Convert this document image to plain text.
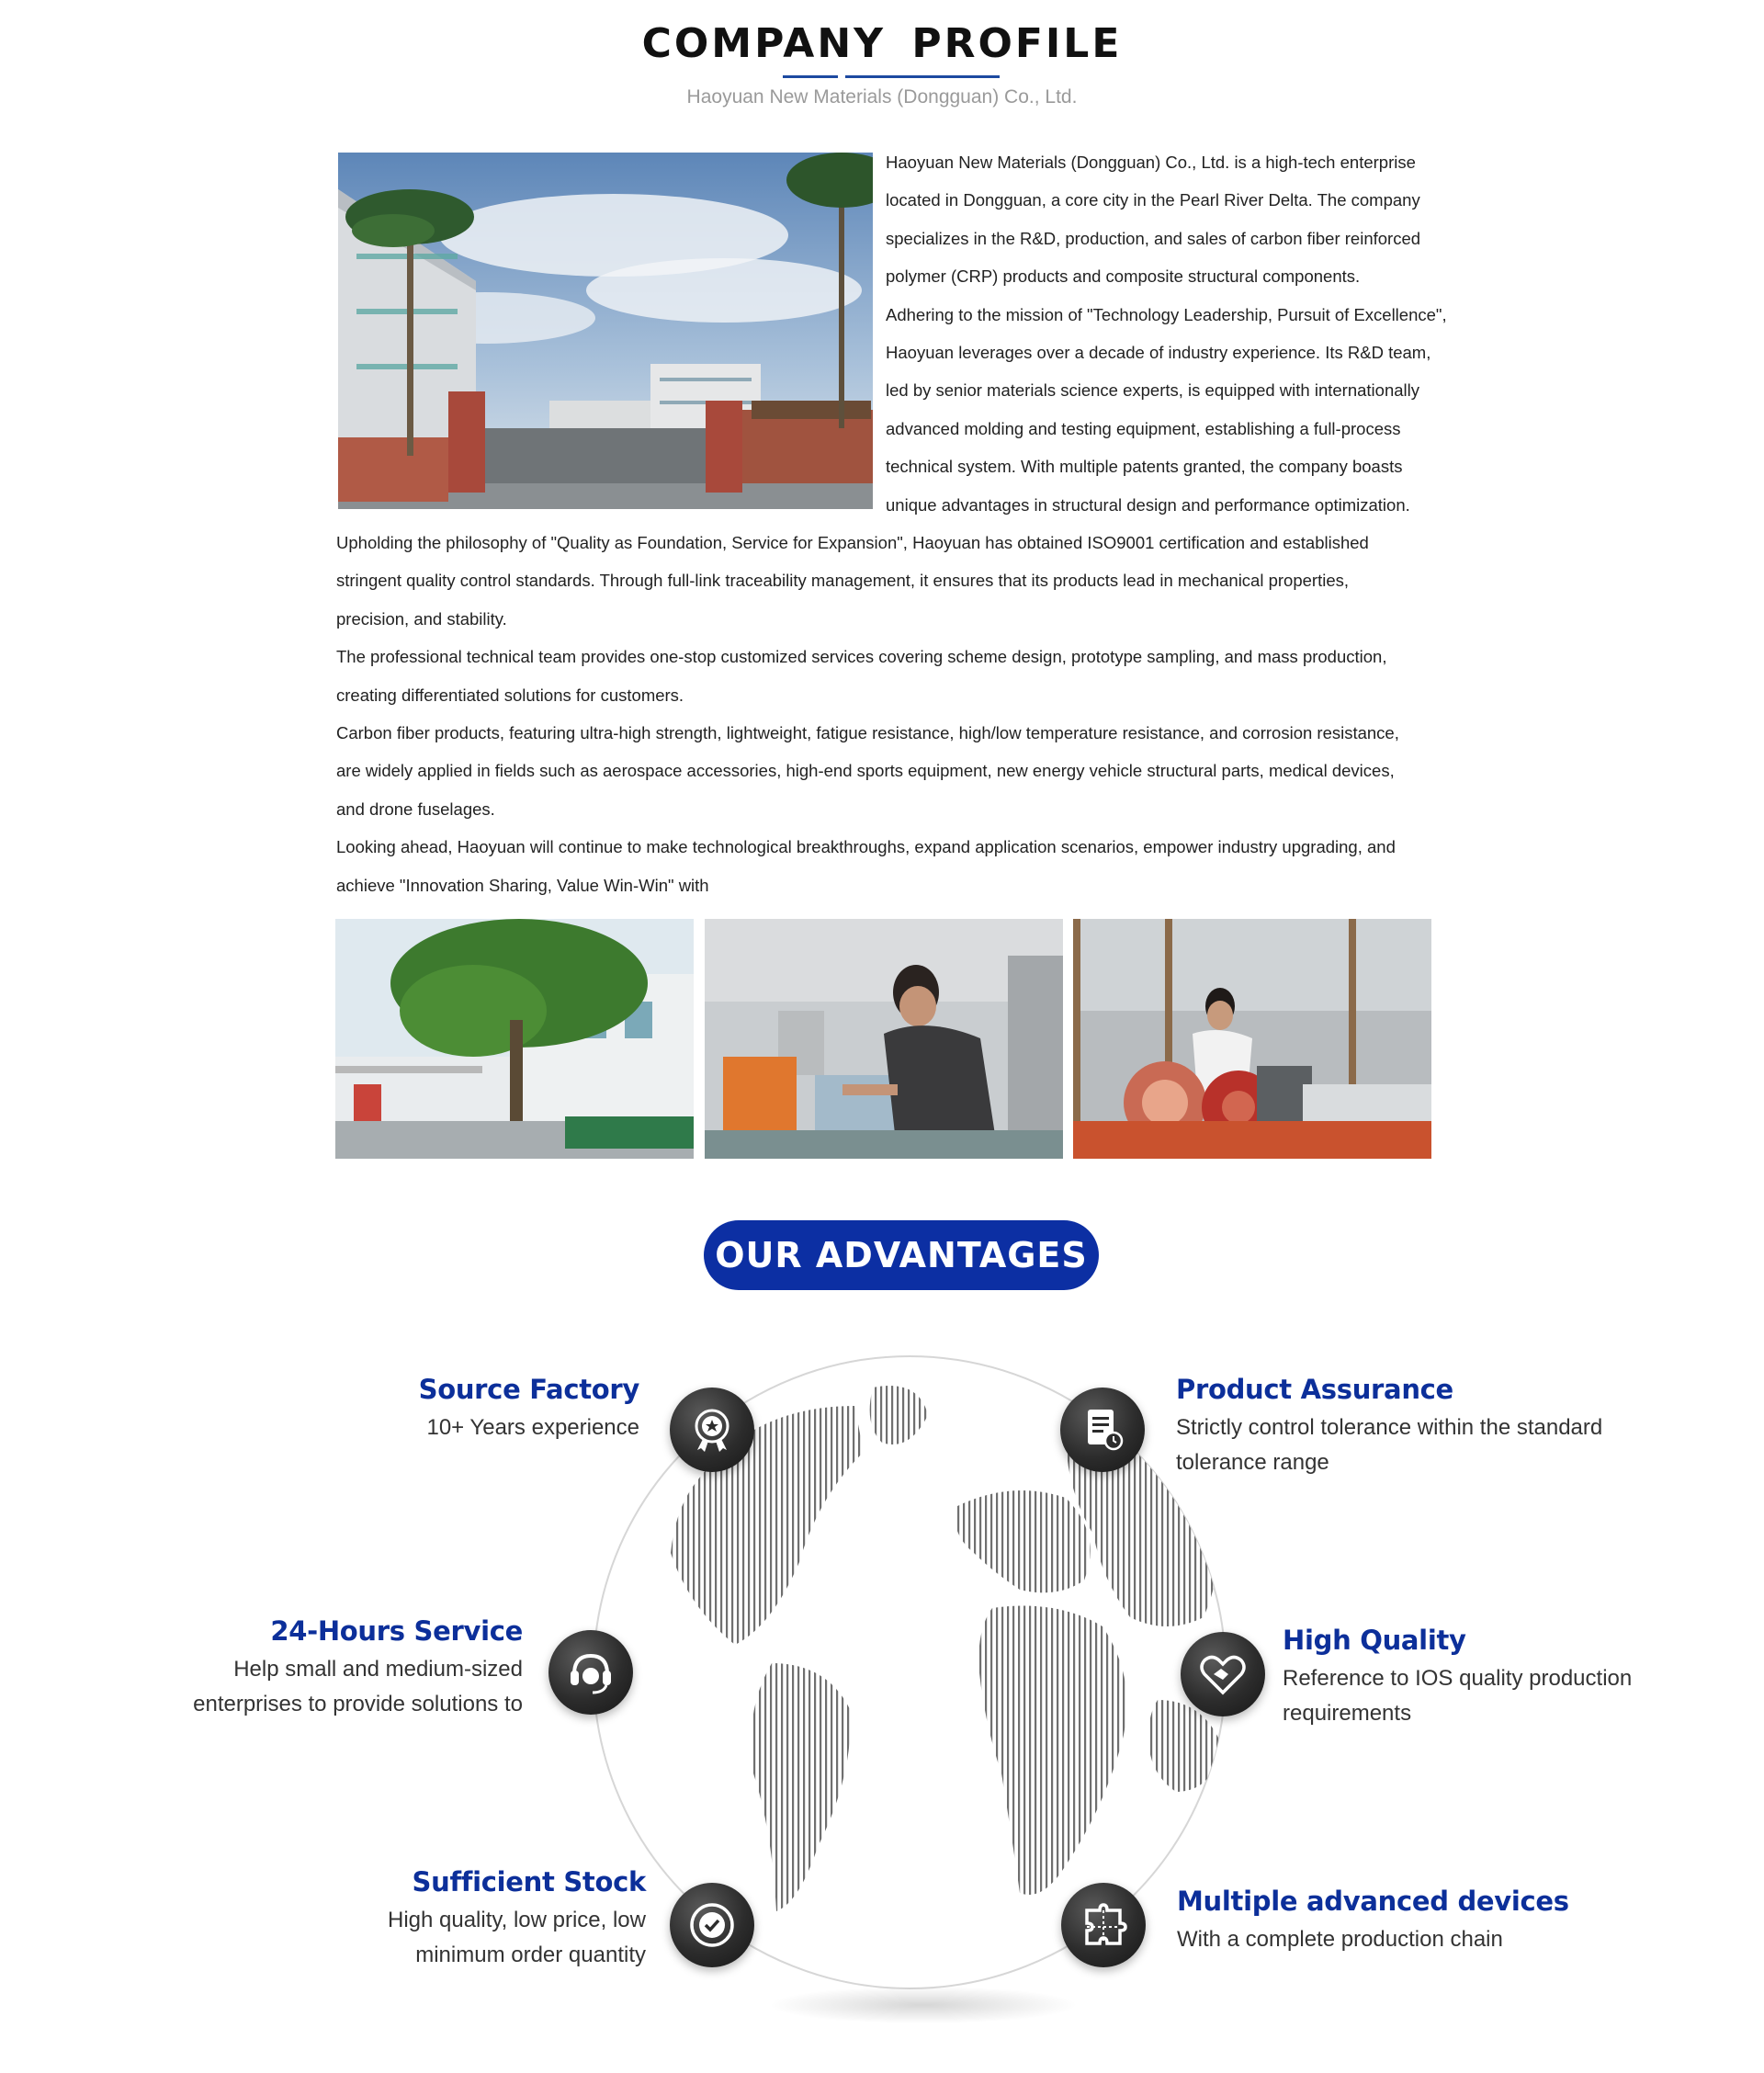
COMPANY PROFILE
Haoyuan New Materials (Dongguan) Co., Ltd.
Haoyuan New Materials (Dongguan) Co., Ltd. is a high-tech enterprise
located in Dongguan, a core city in the Pearl River Delta. The company
specializes in the R&D, production, and sales of carbon fiber reinforced
polymer (CRP) products and composite structural components.
Adhering to the mission of "Technology Leadership, Pursuit of Excellence",
Haoyuan leverages over a decade of industry experience. Its R&D team,
led by senior materials science experts, is equipped with internationally
advanced molding and testing equipment, establishing a full-process
technical system. With multiple patents granted, the company boasts
unique advantages in structural design and performance optimization.
Upholding the philosophy of "Quality as Foundation, Service for Expansion", Haoyuan has obtained ISO9001 certification and established
stringent quality control standards. Through full-link traceability management, it ensures that its products lead in mechanical properties,
precision, and stability.
The professional technical team provides one-stop customized services covering scheme design, prototype sampling, and mass production,
creating differentiated solutions for customers.
Carbon fiber products, featuring ultra-high strength, lightweight, fatigue resistance, high/low temperature resistance, and corrosion resistance,
are widely applied in fields such as aerospace accessories, high-end sports equipment, new energy vehicle structural parts, medical devices,
and drone fuselages.
Looking ahead, Haoyuan will continue to make technological breakthroughs, expand application scenarios, empower industry upgrading, and
achieve "Innovation Sharing, Value Win-Win" with
OUR ADVANTAGES
Source Factory
10+ Years experience
Product Assurance
Strictly control tolerance within the standard
tolerance range
24-Hours Service
Help small and medium-sized
enterprises to provide solutions to
High Quality
Reference to IOS quality production
requirements
Sufficient Stock
High quality, low price, low
minimum order quantity
Multiple advanced devices
With a complete production chain
